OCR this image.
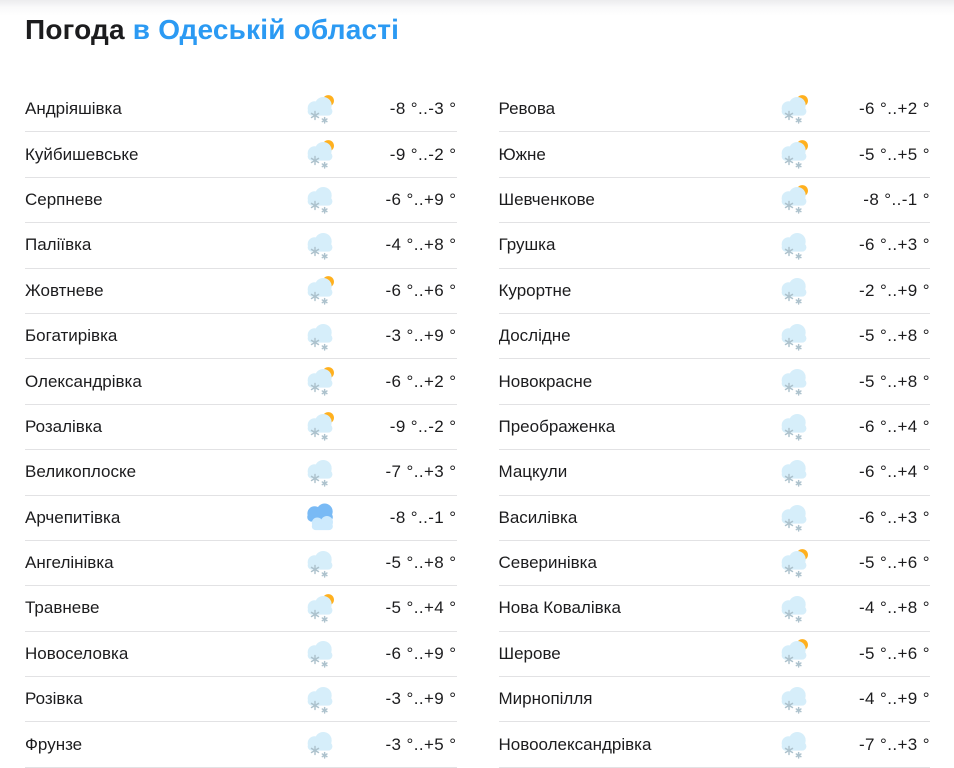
Погода в Одеській області
Андріяшівка	-8 °..-3 °
Куйбишевське	-9 °..-2 °
Серпневе	-6 °..+9 °
Паліївка	-4 °..+8 °
Жовтневе	-6 °..+6 °
Богатирівка	-3 °..+9 °
Олександрівка	-6 °..+2 °
Розалівка	-9 °..-2 °
Великоплоске	-7 °..+3 °
Арчепитівка	-8 °..-1 °
Ангелінівка	-5 °..+8 °
Травневе	-5 °..+4 °
Новоселовка	-6 °..+9 °
Розівка	-3 °..+9 °
Фрунзе	-3 °..+5 °
Ревова	-6 °..+2 °
Южне	-5 °..+5 °
Шевченкове	-8 °..-1 °
Грушка	-6 °..+3 °
Курортне	-2 °..+9 °
Дослідне	-5 °..+8 °
Новокрасне	-5 °..+8 °
Преображенка	-6 °..+4 °
Мацкули	-6 °..+4 °
Василівка	-6 °..+3 °
Северинівка	-5 °..+6 °
Нова Ковалівка	-4 °..+8 °
Шерове	-5 °..+6 °
Мирнопілля	-4 °..+9 °
Новоолександрівка	-7 °..+3 °
